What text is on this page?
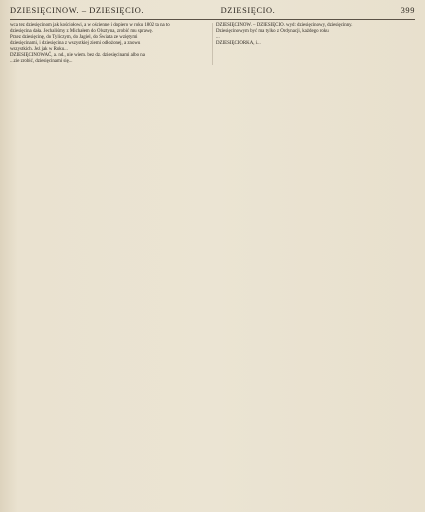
DZIESIĘCINOW. – DZIESIĘCIO.	DZIESIĘCIO.	399

wca tez dziesięcinom jak kościołowi, a w ościenne i dopiero w roku 1802 ta na to

dziesięcina dała. Jechaliśmy z Michałem do Olsztyna, zrobić mu sprawę.

Przez dziesięcinę, do Tyliczym, do Jagiel, do Świata ze wziętymi

dziesięcinami, i dziesięcina z wszystkiej ziemi odłożonej, a znowu

wszystkich. Jeż jak w Roku...

DZIESIĘCINOWAĆ, a. nd., nie wiem. bez dz. dziesięcinami albo na

...zie zrobić, dziesięcinami się...

DZIESIĘCINOW. – DZIESIĘCIO. wyd: dziesięcinowy, dziesięcinny.

Dziesięcinowym być ma tylko z Ordynacji, każdego roku

...

DZIESIĘCIORKA, i...
